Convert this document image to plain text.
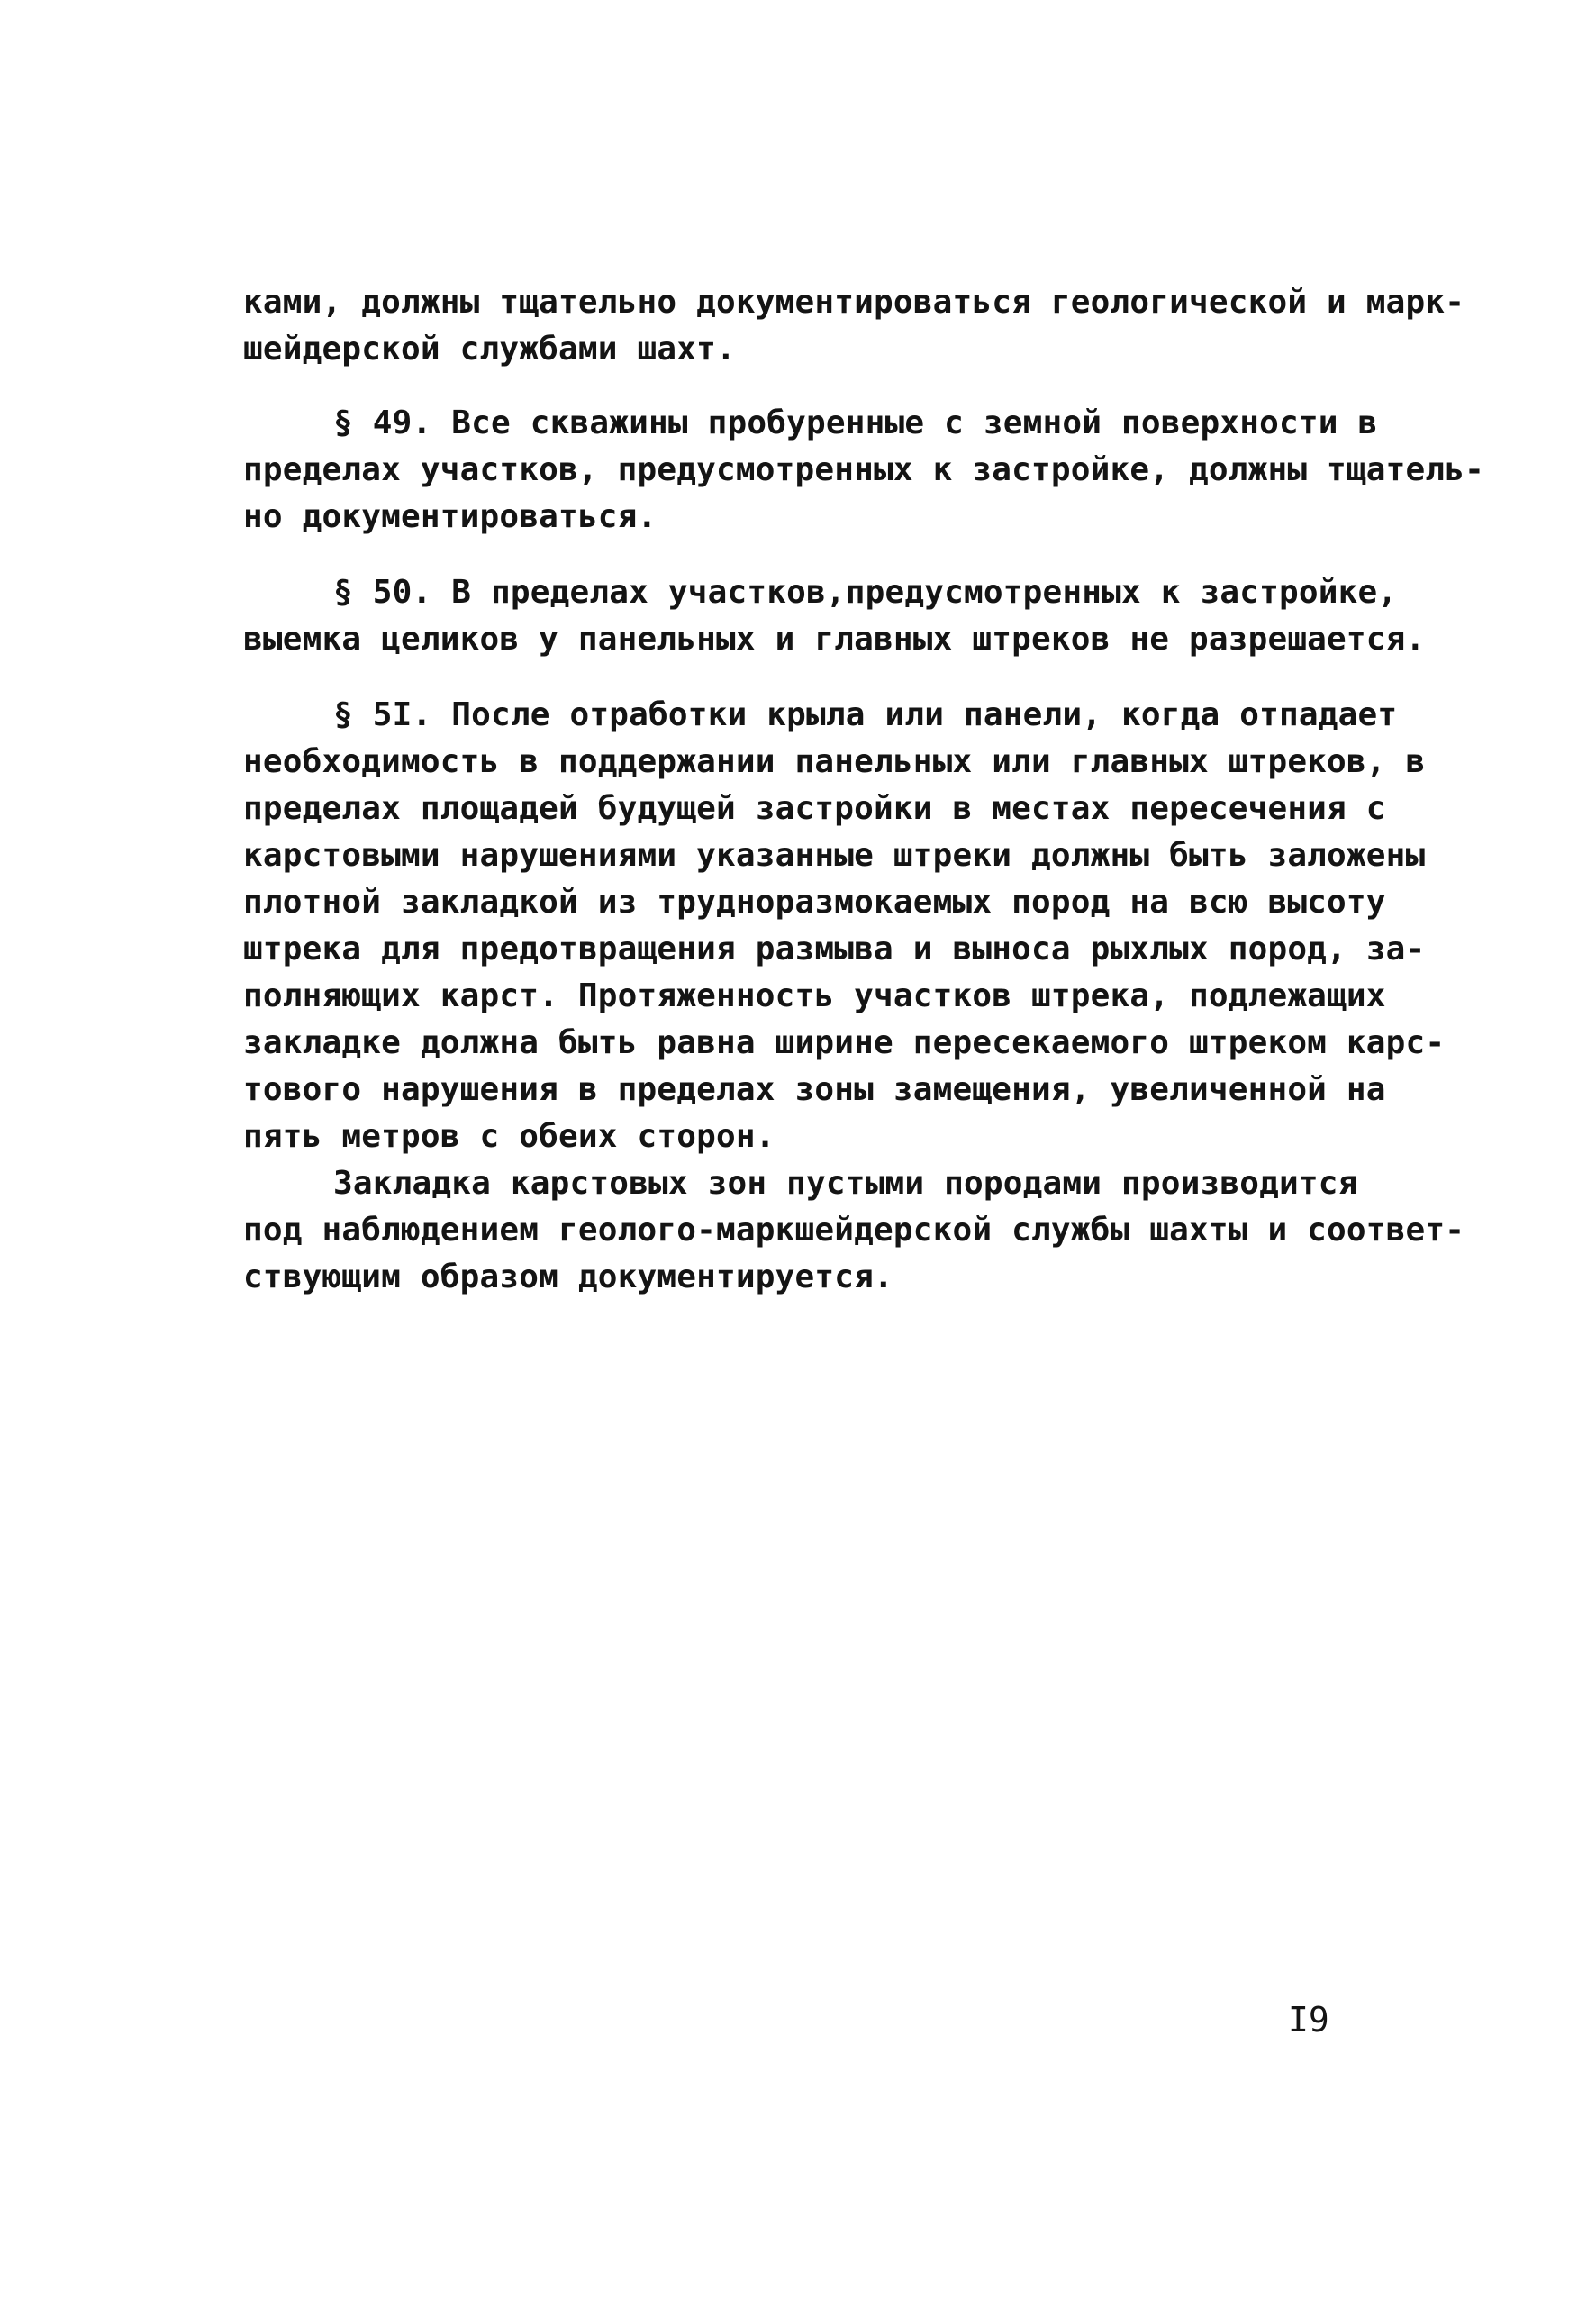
ками, должны тщательно документироваться геологической и марк-
шейдерской службами шахт.
§ 49. Все скважины пробуренные с земной поверхности в
пределах участков, предусмотренных к застройке, должны тщатель-
но документироваться.
§ 50. В пределах участков,предусмотренных к застройке,
выемка целиков у панельных и главных штреков не разрешается.
§ 5I. После отработки крыла или панели, когда отпадает
необходимость в поддержании панельных или главных штреков, в
пределах площадей будущей застройки в местах пересечения с
карстовыми нарушениями указанные штреки должны быть заложены
плотной закладкой из трудноразмокаемых пород на всю высоту
штрека для предотвращения размыва и выноса рыхлых пород, за-
полняющих карст. Протяженность участков штрека, подлежащих
закладке должна быть равна ширине пересекаемого штреком карс-
тового нарушения в пределах зоны замещения, увеличенной на
пять метров с обеих сторон.
Закладка карстовых зон пустыми породами производится
под наблюдением геолого-маркшейдерской службы шахты и соответ-
ствующим образом документируется.
I9
